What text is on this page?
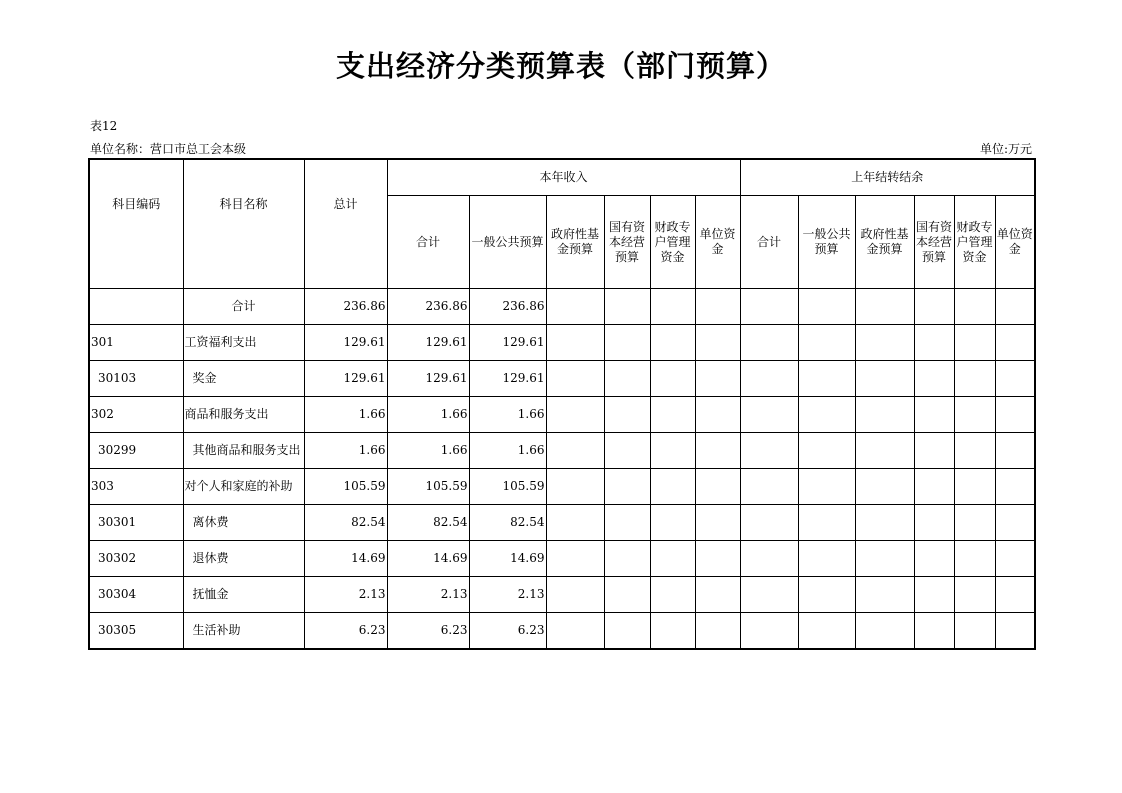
支出经济分类预算表（部门预算）
表12
单位名称：营口市总工会本级	单位:万元
科目编码	科目名称	总计	本年收入						上年结转结余					
			合计	一般公共预算	政府性基金预算	国有资本经营预算	财政专户管理资金	单位资金	合计	一般公共预算	政府性基金预算	国有资本经营预算	财政专户管理资金	单位资金
	合计	236.86	236.86	236.86										
301	工资福利支出	129.61	129.61	129.61										
30103	奖金	129.61	129.61	129.61										
302	商品和服务支出	1.66	1.66	1.66										
30299	其他商品和服务支出	1.66	1.66	1.66										
303	对个人和家庭的补助	105.59	105.59	105.59										
30301	离休费	82.54	82.54	82.54										
30302	退休费	14.69	14.69	14.69										
30304	抚恤金	2.13	2.13	2.13										
30305	生活补助	6.23	6.23	6.23										
